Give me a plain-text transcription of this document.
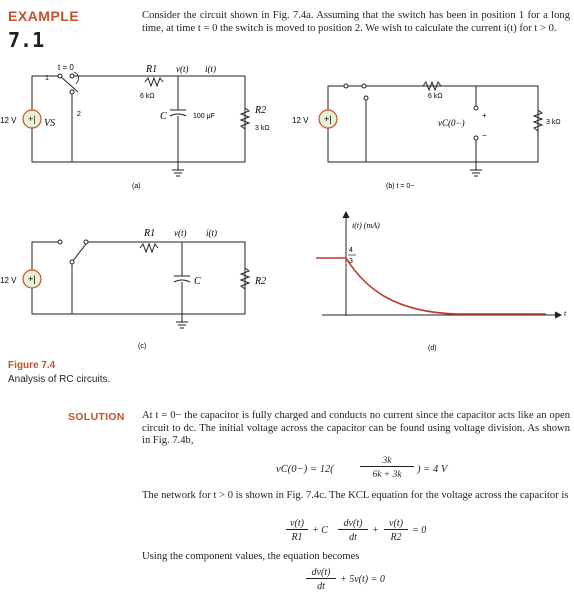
EXAMPLE
7.1
Consider the circuit shown in Fig. 7.4a. Assuming that the switch has been in position 1 for a long time, at time t = 0 the switch is moved to position 2. We wish to calculate the current i(t) for t > 0.
+|
t = 0
1
2
12 V	VS
R1
6 kΩ
v(t) i(t)
C	100 μF
R2
3 kΩ
(a)
+|
12 V
6 kΩ
vC(0−)
+
−
3 kΩ
(b) t = 0−
+|
12 V
R1 v(t) i(t)
C	R2
(c)
i(t) (mA)
4
3
t
(d)
Figure 7.4
Analysis of RC circuits.
SOLUTION At t = 0− the capacitor is fully charged and conducts no current since the capacitor acts like an open circuit to dc. The initial voltage across the capacitor can be found using voltage division. As shown in Fig. 7.4b,
vC(0−) = 12(
3k
6k + 3k	) = 4 V
The network for t > 0 is shown in Fig. 7.4c. The KCL equation for the voltage across the capacitor is
v(t)
R1
+ C
dv(t)
dt
+
v(t)
R2
= 0
Using the component values, the equation becomes
dv(t)
dt
+ 5v(t) = 0
